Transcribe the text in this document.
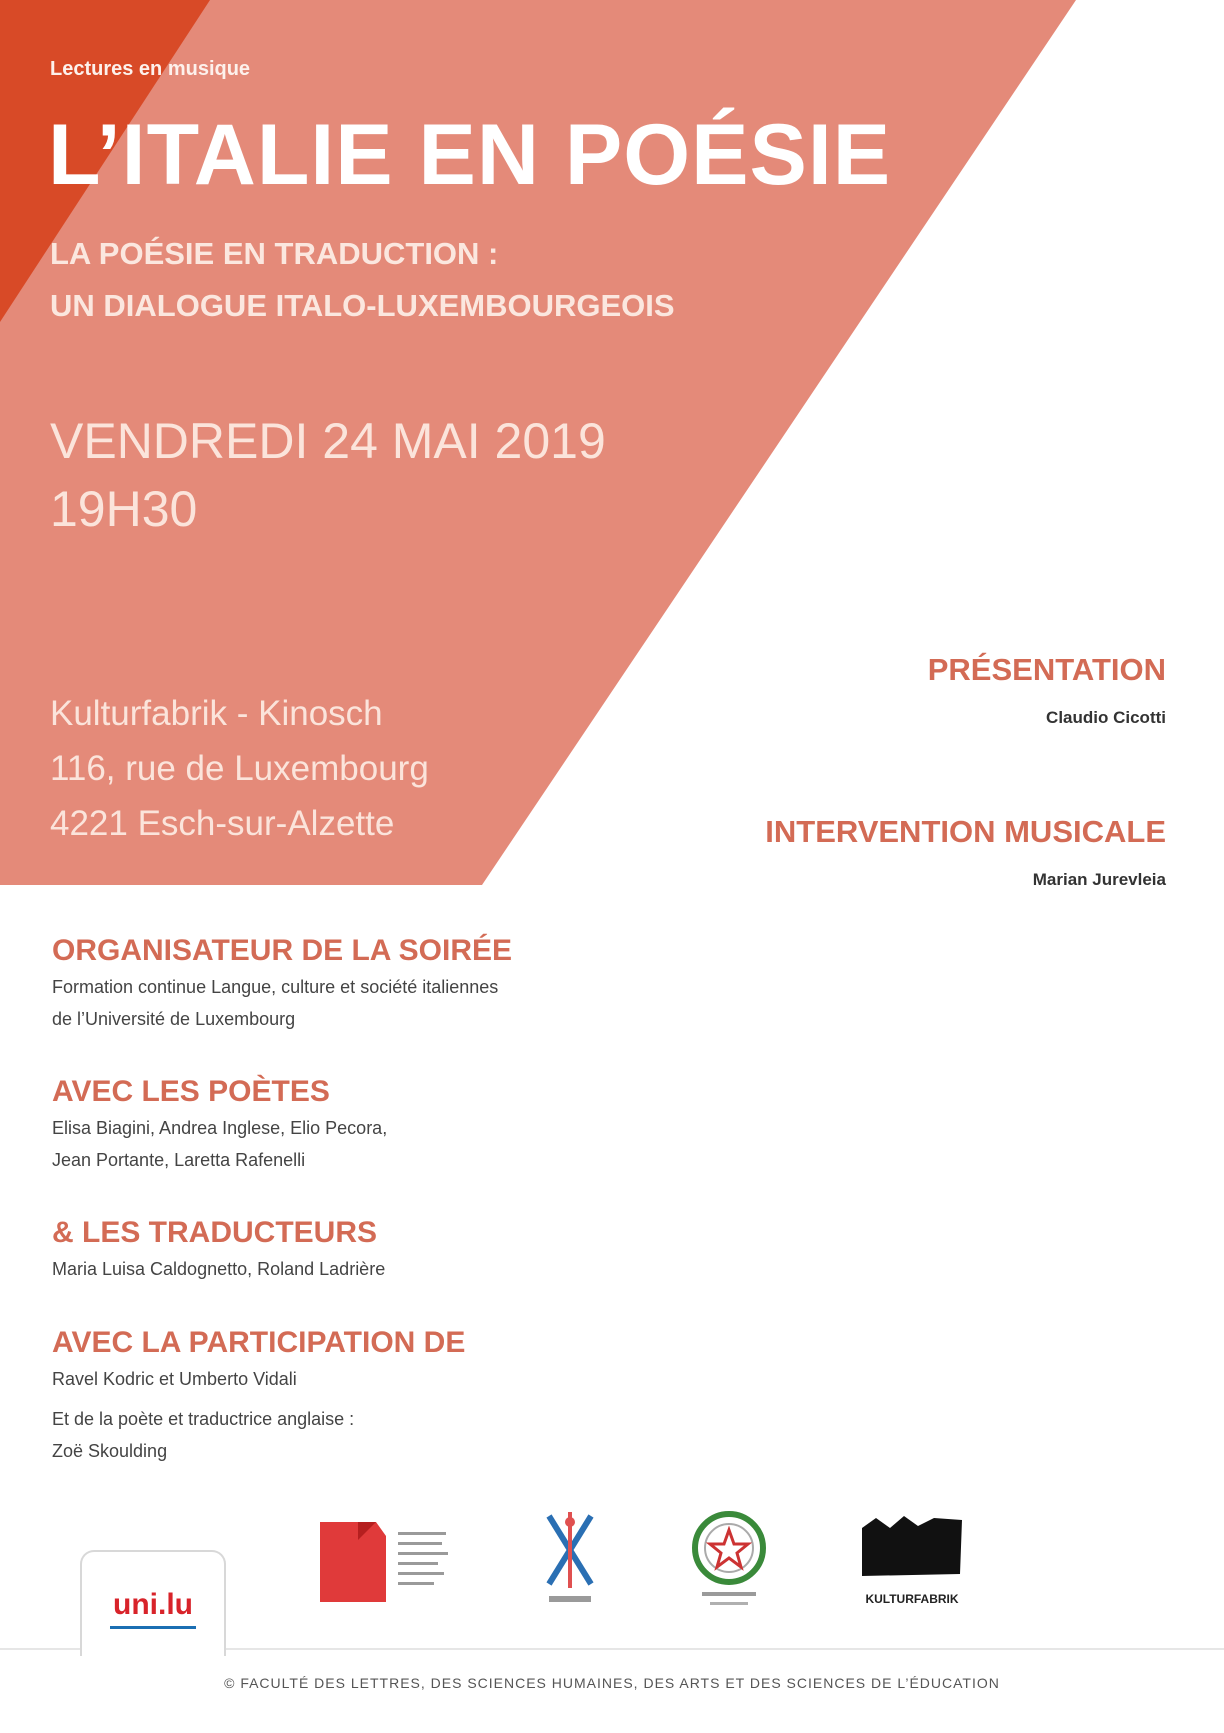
Lectures en musique
L’ITALIE EN POÉSIE
LA POÉSIE EN TRADUCTION :
UN DIALOGUE ITALO-LUXEMBOURGEOIS
VENDREDI 24 MAI 2019
19H30
Kulturfabrik - Kinosch
116, rue de Luxembourg
4221 Esch-sur-Alzette
PRÉSENTATION
Claudio Cicotti
INTERVENTION MUSICALE
Marian Jurevleia
ORGANISATEUR DE LA SOIRÉE
Formation continue Langue, culture et société italiennes
de l’Université de Luxembourg
AVEC LES POÈTES
Elisa Biagini, Andrea Inglese, Elio Pecora,
Jean Portante, Laretta Rafenelli
& LES TRADUCTEURS
Maria Luisa Caldognetto, Roland Ladrière
AVEC LA PARTICIPATION DE
Ravel Kodric et Umberto Vidali
Et de la poète et traductrice anglaise :
Zoë Skoulding
uni.lu	KULTURFABRIK
© FACULTÉ DES LETTRES, DES SCIENCES HUMAINES, DES ARTS ET DES SCIENCES DE L’ÉDUCATION
